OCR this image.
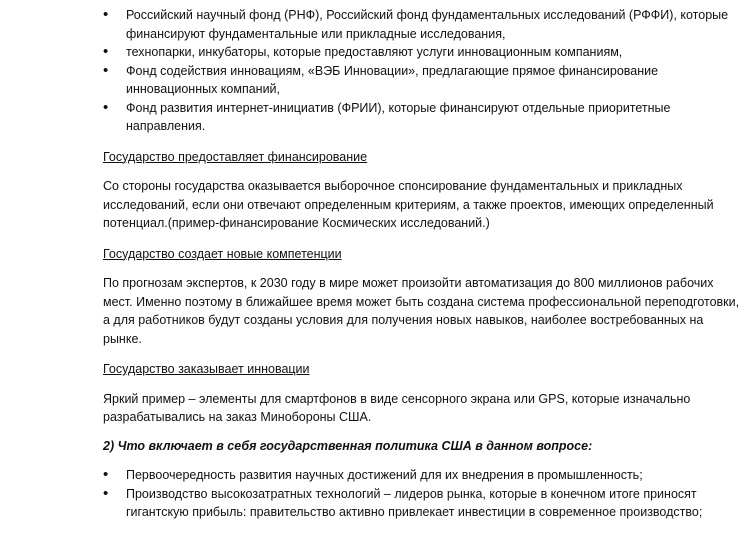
• Российский научный фонд (РНФ), Российский фонд фундаментальных исследований (РФФИ), которые финансируют фундаментальные или прикладные исследования,
• технопарки, инкубаторы, которые предоставляют услуги инновационным компаниям,
• Фонд содействия инновациям, «ВЭБ Инновации», предлагающие прямое финансирование инновационных компаний,
• Фонд развития интернет-инициатив (ФРИИ), которые финансируют отдельные приоритетные направления.

Государство предоставляет финансирование

Со стороны государства оказывается выборочное спонсирование фундаментальных и прикладных исследований, если они отвечают определенным критериям, а также проектов, имеющих определенный потенциал.(пример-финансирование Космических исследований.)

Государство создает новые компетенции

По прогнозам экспертов, к 2030 году в мире может произойти автоматизация до 800 миллионов рабочих мест. Именно поэтому в ближайшее время может быть создана система профессиональной переподготовки, а для работников будут созданы условия для получения новых навыков, наиболее востребованных на рынке.

Государство заказывает инновации

Яркий пример – элементы для смартфонов в виде сенсорного экрана или GPS, которые изначально разрабатывались на заказ Минобороны США.

2) Что включает в себя государственная политика США в данном вопросе:

• Первоочередность развития научных достижений для их внедрения в промышленность;
• Производство высокозатратных технологий – лидеров рынка, которые в конечном итоге приносят гигантскую прибыль: правительство активно привлекает инвестиции в современное производство;
